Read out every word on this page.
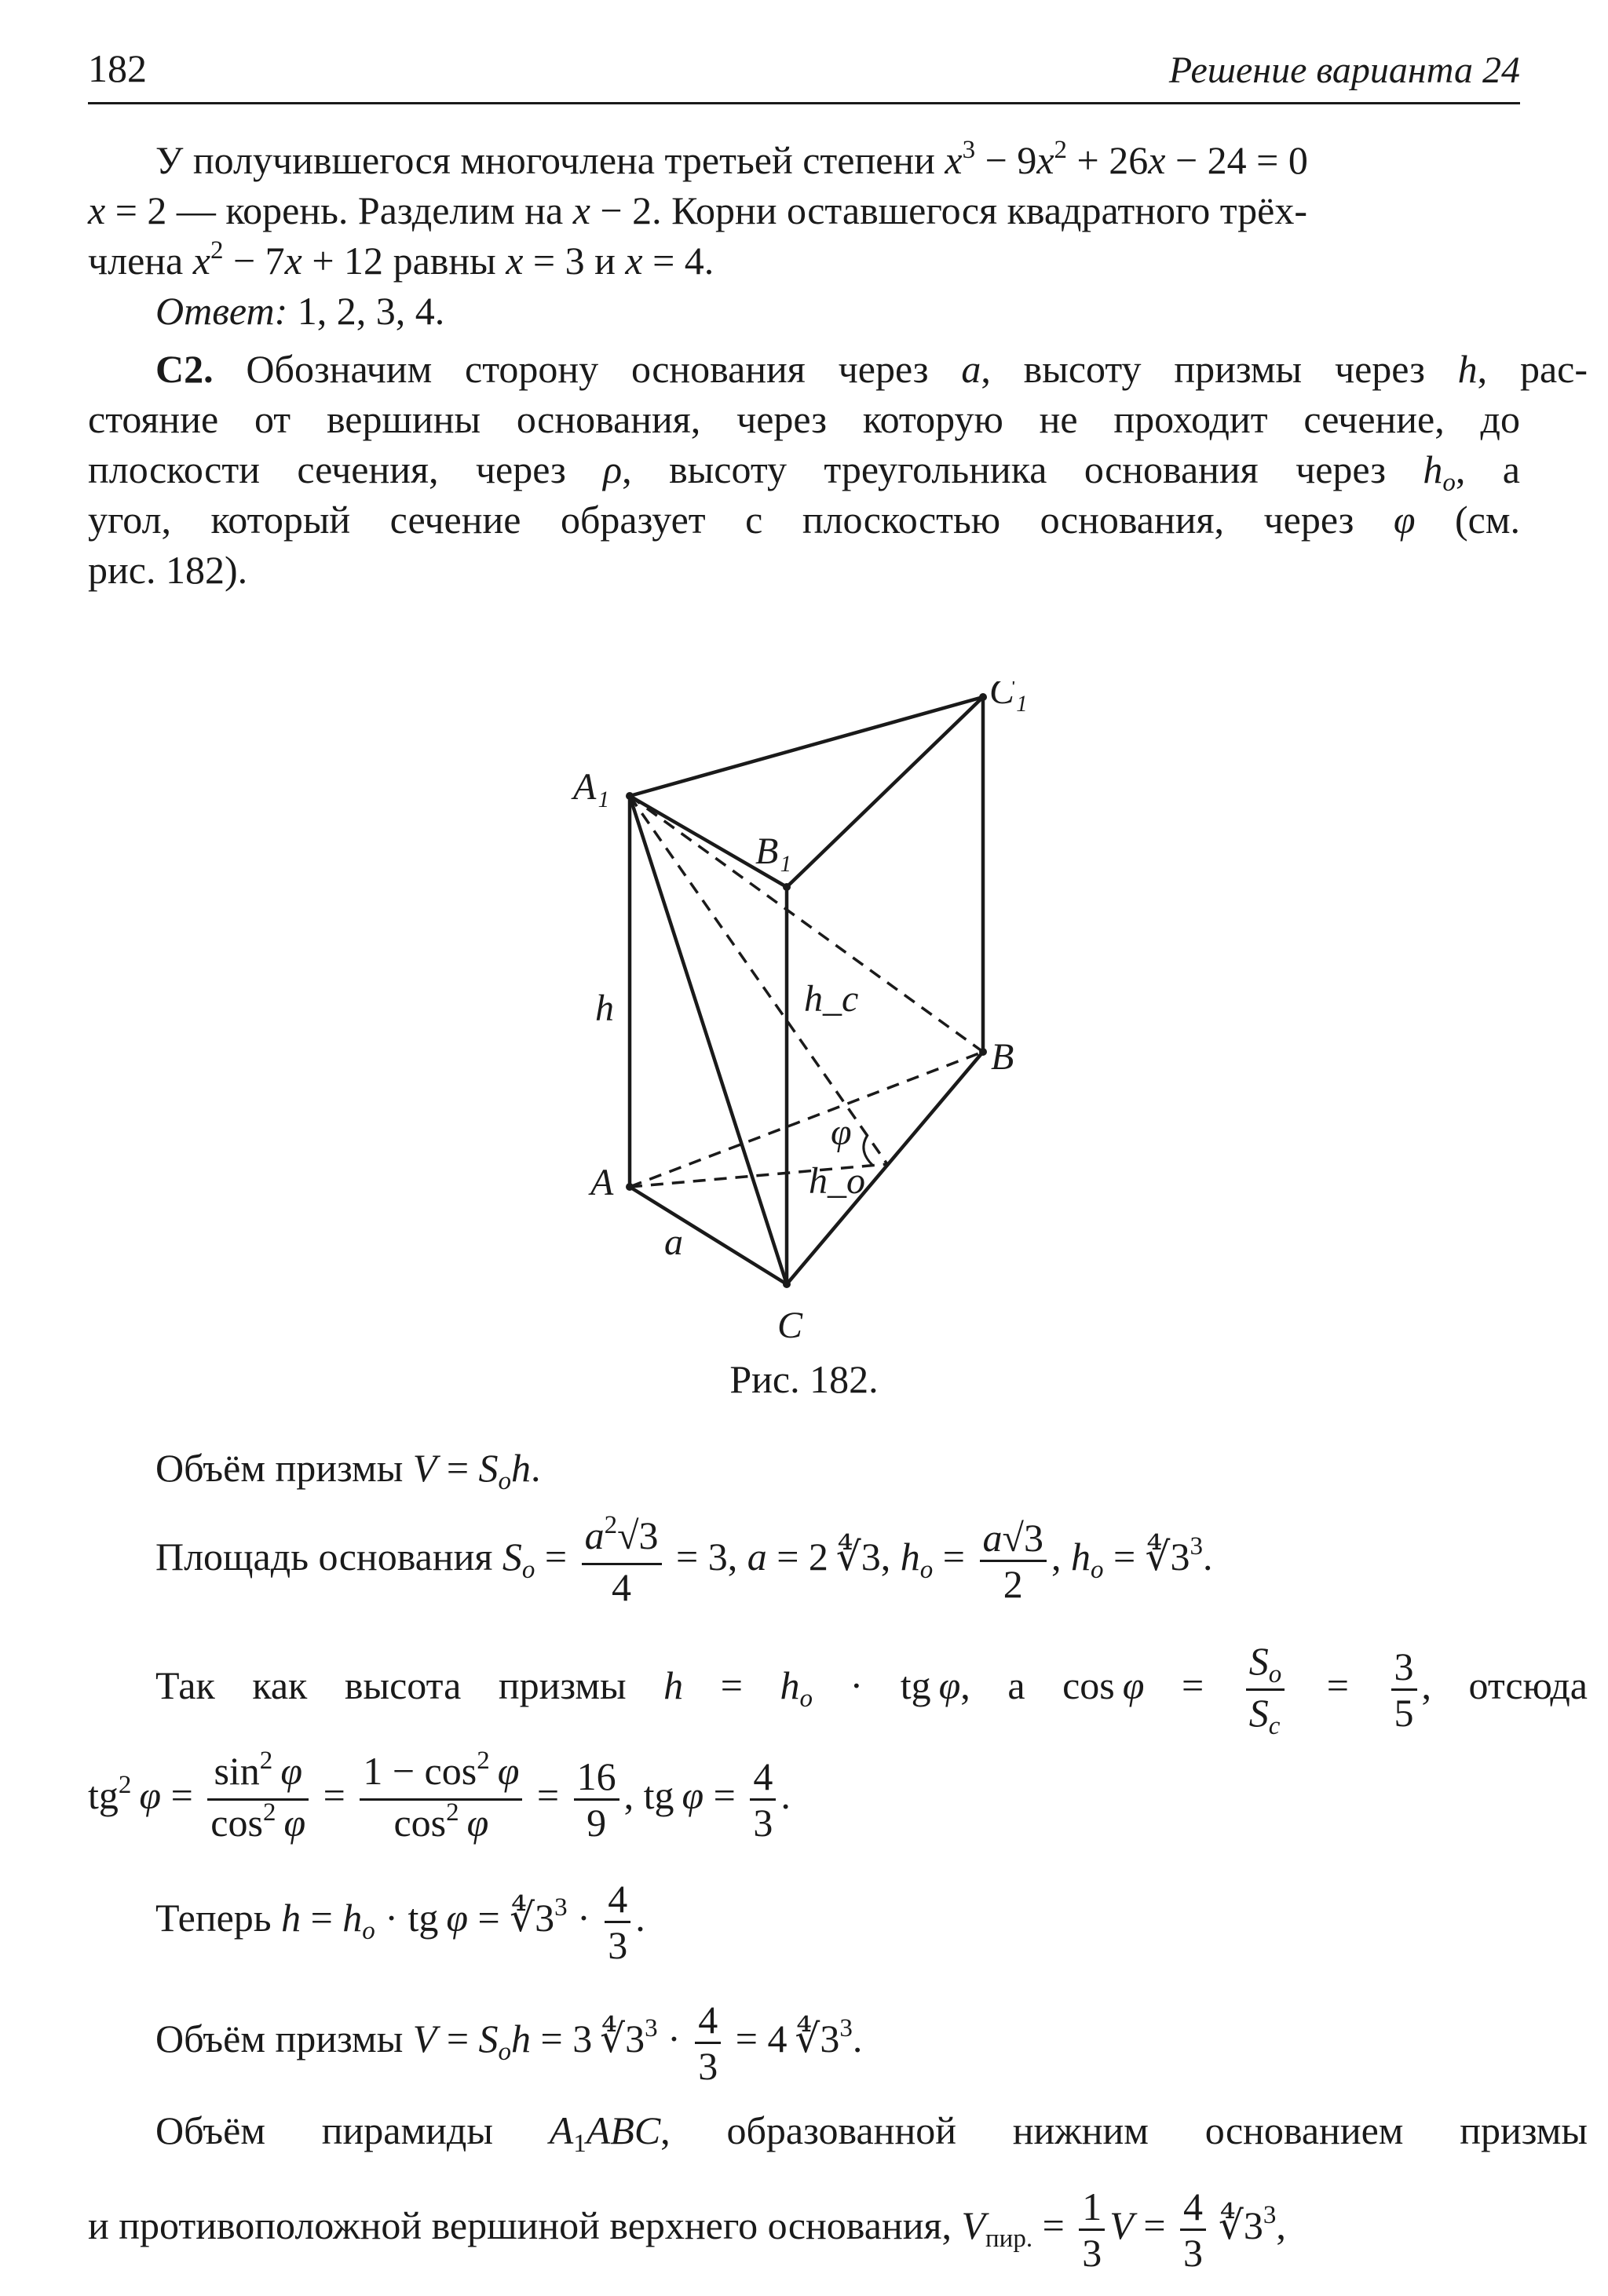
182	Решение варианта 24
У получившегося многочлена третьей степени $x^3 - 9x^2 + 26x - 24 = 0$
x = 2 — корень. Разделим на x − 2. Корни оставшегося квадратного трёх-
члена $x^2 - 7x + 12$ равны x = 3 и x = 4.
Ответ: 1, 2, 3, 4.
С2. Обозначим сторону основания через a, высоту призмы через h, рас-
стояние от вершины основания, через которую не проходит сечение, до
плоскости сечения, через ρ, высоту треугольника основания через $h_o$, а
угол, который сечение образует с плоскостью основания, через φ (см.
рис. 182).
A₁
C₁
B₁
A
B
C
h	h_c
h_o
a
φ
Рис. 182.
Объём призмы $V = S_oh$.
Площадь основания $S_o = \frac{a^2√3}{4} = 3$, a = 2 ∜3, $h_o = \frac{a√3}{2}$ , $h_o$ = $∜3^3$.
Так как высота призмы $h = h_o$ · tg φ, а $\cos \varphi = \frac{S_o}{S_c} = \frac{3}{5}$ , отсюда
$tg^2$  $\varphi = \frac{\sin^2 \varphi}{\cos^2 \varphi} = \frac{1 - \cos^2 \varphi}{\cos^2 \varphi} = \frac{16}{9}$ , tg $\varphi = \frac{4}{3}$ .
Теперь $h = h_o$ · tg $\varphi = ∜3^3 \cdot \frac{4}{3}$ .
Объём призмы $V = S_oh = 3$ $∜3^3 \cdot \frac{4}{3} = 4$ $∜3^3$.
Объём пирамиды $A_1ABC$, образованной нижним основанием призмы
и противоположной вершиной верхнего основания, $V_{пир.} = \frac{1}{3}$ $V = \frac{4}{3}$  $∜3^3$,
